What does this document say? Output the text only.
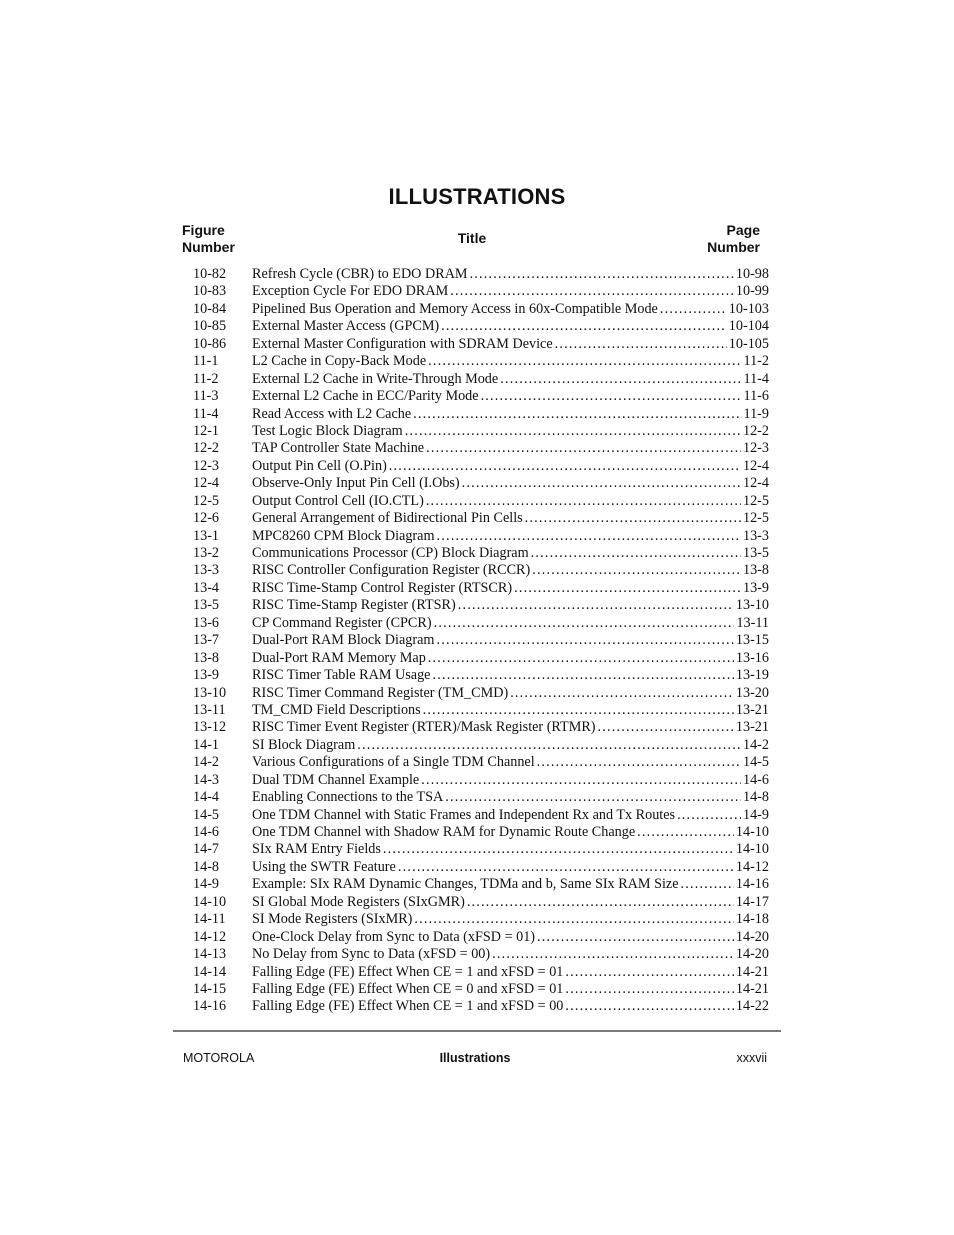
ILLUSTRATIONS
Figure
Number
Title	Page
Number
10-82	Refresh Cycle (CBR) to EDO DRAM .....	10-98
10-83	Exception Cycle For EDO DRAM .....	10-99
10-84	Pipelined Bus Operation and Memory Access in 60x-Compatible Mode .....	10-103
10-85	External Master Access (GPCM) .....	10-104
10-86	External Master Configuration with SDRAM Device .....	10-105
11-1	L2 Cache in Copy-Back Mode .....	11-2
11-2	External L2 Cache in Write-Through Mode .....	11-4
11-3	External L2 Cache in ECC/Parity Mode .....	11-6
11-4	Read Access with L2 Cache .....	11-9
12-1	Test Logic Block Diagram .....	12-2
12-2	TAP Controller State Machine .....	12-3
12-3	Output Pin Cell (O.Pin) .....	12-4
12-4	Observe-Only Input Pin Cell (I.Obs) .....	12-4
12-5	Output Control Cell (IO.CTL) .....	12-5
12-6	General Arrangement of Bidirectional Pin Cells .....	12-5
13-1	MPC8260 CPM Block Diagram .....	13-3
13-2	Communications Processor (CP) Block Diagram .....	13-5
13-3	RISC Controller Configuration Register (RCCR) .....	13-8
13-4	RISC Time-Stamp Control Register (RTSCR) .....	13-9
13-5	RISC Time-Stamp Register (RTSR) .....	13-10
13-6	CP Command Register (CPCR) .....	13-11
13-7	Dual-Port RAM Block Diagram .....	13-15
13-8	Dual-Port RAM Memory Map .....	13-16
13-9	RISC Timer Table RAM Usage .....	13-19
13-10	RISC Timer Command Register (TM_CMD) .....	13-20
13-11	TM_CMD Field Descriptions .....	13-21
13-12	RISC Timer Event Register (RTER)/Mask Register (RTMR) .....	13-21
14-1	SI Block Diagram .....	14-2
14-2	Various Configurations of a Single TDM Channel .....	14-5
14-3	Dual TDM Channel Example .....	14-6
14-4	Enabling Connections to the TSA .....	14-8
14-5	One TDM Channel with Static Frames and Independent Rx and Tx Routes .....	14-9
14-6	One TDM Channel with Shadow RAM for Dynamic Route Change .....	14-10
14-7	SIx RAM Entry Fields .....	14-10
14-8	Using the SWTR Feature .....	14-12
14-9	Example: SIx RAM Dynamic Changes, TDMa and b, Same SIx RAM Size .....	14-16
14-10	SI Global Mode Registers (SIxGMR) .....	14-17
14-11	SI Mode Registers (SIxMR) .....	14-18
14-12	One-Clock Delay from Sync to Data (xFSD = 01) .....	14-20
14-13	No Delay from Sync to Data (xFSD = 00) .....	14-20
14-14	Falling Edge (FE) Effect When CE = 1 and xFSD = 01 .....	14-21
14-15	Falling Edge (FE) Effect When CE = 0 and xFSD = 01 .....	14-21
14-16	Falling Edge (FE) Effect When CE = 1 and xFSD = 00 .....	14-22
MOTOROLA	Illustrations	xxxvii
